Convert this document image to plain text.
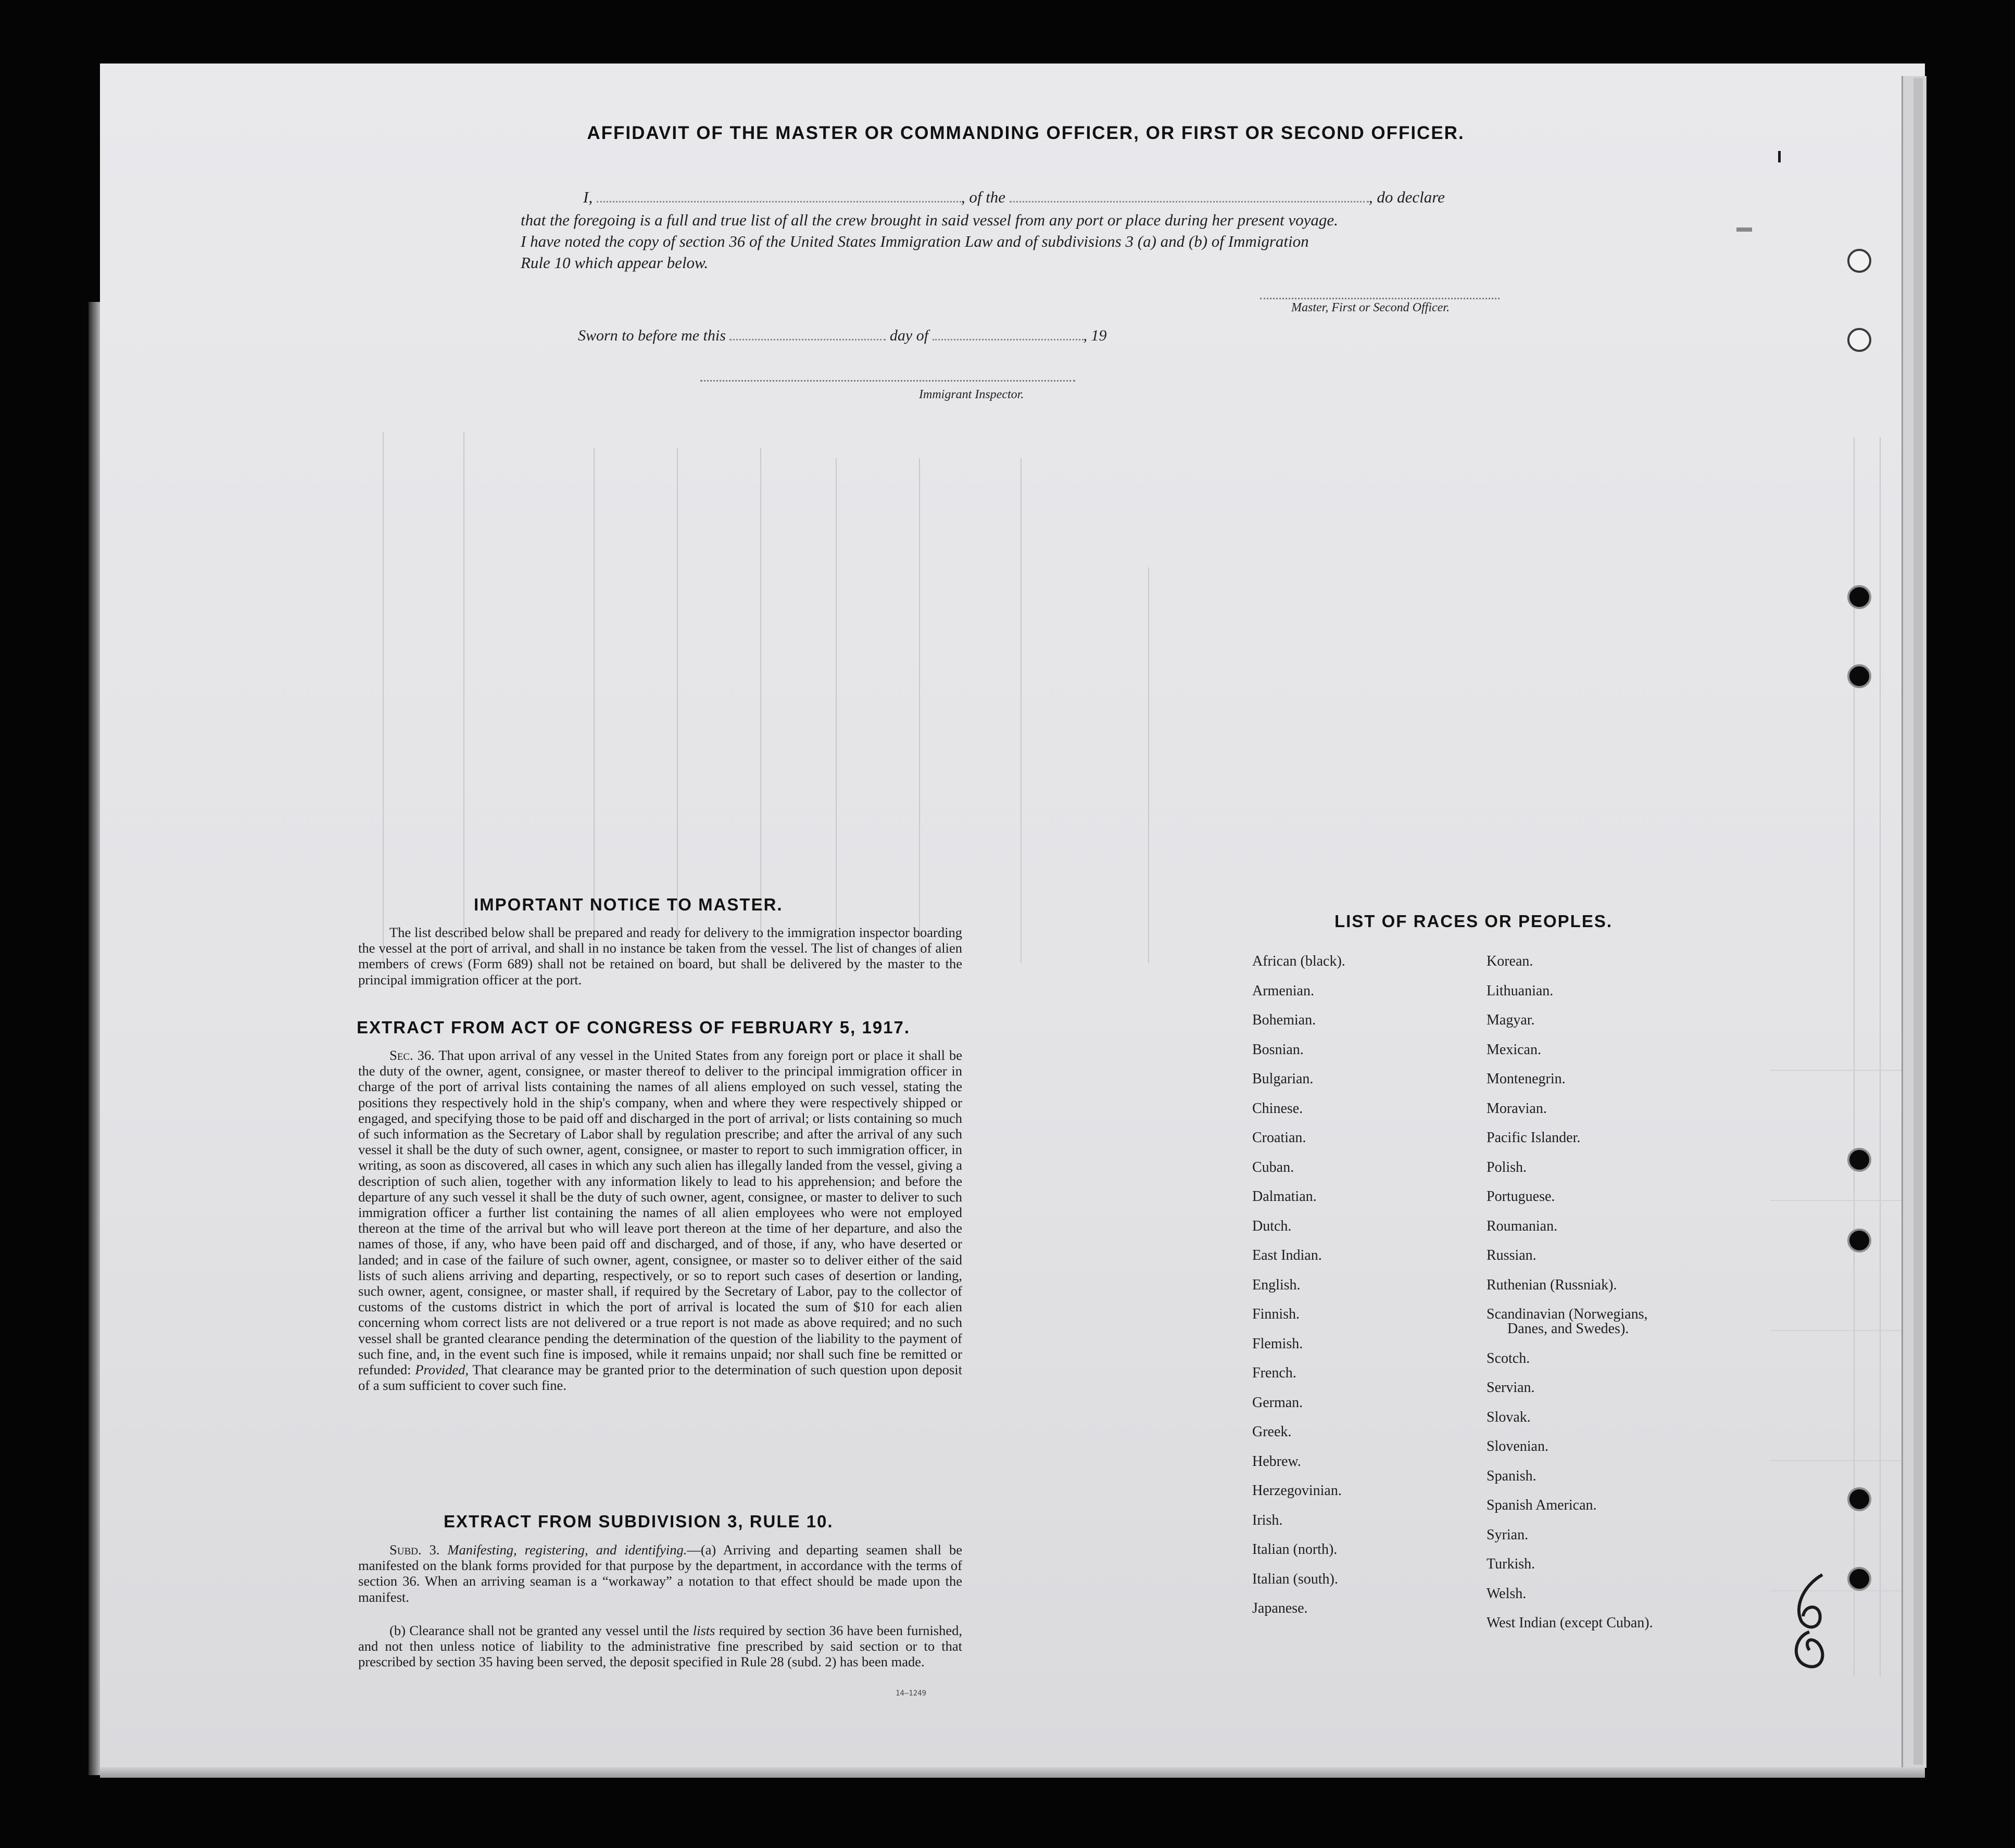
AFFIDAVIT OF THE MASTER OR COMMANDING OFFICER, OR FIRST OR SECOND OFFICER.
I,	, of the	, do declare
that the foregoing is a full and true list of all the crew brought in said vessel from any port or place during her present voyage.
I have noted the copy of section 36 of the United States Immigration Law and of subdivisions 3 (a) and (b) of Immigration
Rule 10 which appear below.
Master, First or Second Officer.
Sworn to before me this	day of	, 19
Immigrant Inspector.
IMPORTANT NOTICE TO MASTER.
The list described below shall be prepared and ready for delivery to the immigration inspector boarding the vessel at the port of arrival, and shall in no instance be taken from the vessel. The list of changes of alien members of crews (Form 689) shall not be retained on board, but shall be delivered by the master to the principal immigration officer at the port.
EXTRACT FROM ACT OF CONGRESS OF FEBRUARY 5, 1917.
Sec. 36. That upon arrival of any vessel in the United States from any foreign port or place it shall be the duty of the owner, agent, consignee, or master thereof to deliver to the principal immigration officer in charge of the port of arrival lists containing the names of all aliens employed on such vessel, stating the positions they respectively hold in the ship's company, when and where they were respectively shipped or engaged, and specifying those to be paid off and discharged in the port of arrival; or lists containing so much of such information as the Secretary of Labor shall by regulation prescribe; and after the arrival of any such vessel it shall be the duty of such owner, agent, consignee, or master to report to such immigration officer, in writing, as soon as discovered, all cases in which any such alien has illegally landed from the vessel, giving a description of such alien, together with any information likely to lead to his apprehension; and before the departure of any such vessel it shall be the duty of such owner, agent, consignee, or master to deliver to such immigration officer a further list containing the names of all alien employees who were not employed thereon at the time of the arrival but who will leave port thereon at the time of her departure, and also the names of those, if any, who have been paid off and discharged, and of those, if any, who have deserted or landed; and in case of the failure of such owner, agent, consignee, or master so to deliver either of the said lists of such aliens arriving and departing, respectively, or so to report such cases of desertion or landing, such owner, agent, consignee, or master shall, if required by the Secretary of Labor, pay to the collector of customs of the customs district in which the port of arrival is located the sum of $10 for each alien concerning whom correct lists are not delivered or a true report is not made as above required; and no such vessel shall be granted clearance pending the determination of the question of the liability to the payment of such fine, and, in the event such fine is imposed, while it remains unpaid; nor shall such fine be remitted or refunded: Provided, That clearance may be granted prior to the determination of such question upon deposit of a sum sufficient to cover such fine.
EXTRACT FROM SUBDIVISION 3, RULE 10.
Subd. 3. Manifesting, registering, and identifying.—(a) Arriving and departing seamen shall be manifested on the blank forms provided for that purpose by the department, in accordance with the terms of section 36. When an arriving seaman is a “workaway” a notation to that effect should be made upon the manifest.
(b) Clearance shall not be granted any vessel until the lists required by section 36 have been furnished, and not then unless notice of liability to the administrative fine prescribed by said section or to that prescribed by section 35 having been served, the deposit specified in Rule 28 (subd. 2) has been made.
14—1249
LIST OF RACES OR PEOPLES.
African (black).
Armenian.
Bohemian.
Bosnian.
Bulgarian.
Chinese.
Croatian.
Cuban.
Dalmatian.
Dutch.
East Indian.
English.
Finnish.
Flemish.
French.
German.
Greek.
Hebrew.
Herzegovinian.
Irish.
Italian (north).
Italian (south).
Japanese.
Korean.
Lithuanian.
Magyar.
Mexican.
Montenegrin.
Moravian.
Pacific Islander.
Polish.
Portuguese.
Roumanian.
Russian.
Ruthenian (Russniak).
Scandinavian (Norwegians,
Danes, and Swedes).
Scotch.
Servian.
Slovak.
Slovenian.
Spanish.
Spanish American.
Syrian.
Turkish.
Welsh.
West Indian (except Cuban).
